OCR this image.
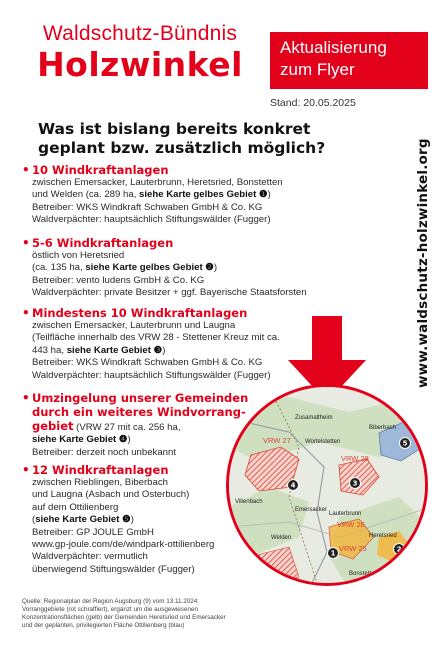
Waldschutz-Bündnis
Holzwinkel	Aktualisierung
zum Flyer
Stand: 20.05.2025
Was ist bislang bereits konkret
geplant bzw. zusätzlich möglich?	www.waldschutz-holzwinkel.org
• 10 Windkraftanlagen
zwischen Emersacker, Lauterbrunn, Heretsried, Bonstetten
und Welden (ca. 289 ha, siehe Karte gelbes Gebiet ❶)
Betreiber: WKS Windkraft Schwaben GmbH & Co. KG
Waldverpächter: hauptsächlich Stiftungswälder (Fugger)
• 5-6 Windkraftanlagen
östlich von Heretsried
(ca. 135 ha, siehe Karte gelbes Gebiet ❷)
Betreiber: vento ludens GmbH & Co. KG
Waldverpächter: private Besitzer + ggf. Bayerische Staatsforsten
• Mindestens 10 Windkraftanlagen
zwischen Emersacker, Lauterbrunn und Laugna
(Teilfläche innerhalb des VRW 28 - Stettener Kreuz mit ca.
443 ha, siehe Karte Gebiet ❸)
Betreiber: WKS Windkraft Schwaben GmbH & Co. KG
Waldverpächter: hauptsächlich Stiftungswälder (Fugger)
• Umzingelung unserer Gemeinden
durch ein weiteres Windvorrang-
gebiet (VRW 27 mit ca. 256 ha,
siehe Karte Gebiet ❹)
Betreiber: derzeit noch unbekannt
• 12 Windkraftanlagen
zwischen Rieblingen, Biberbach
und Laugna (Asbach und Osterbuch)
auf dem Ottilienberg
(siehe Karte Gebiet ❺)
Betreiber: GP JOULE GmbH
www.gp-joule.com/de/windpark-ottilienberg
Waldverpächter: vermutlich
überwiegend Stiftungswälder (Fugger)
Zusamaltheim
VRW 27 Wortelstetten
Biberbach
VRW 28
Villenbach
Emersacker
Lauterbrunn
VRW 26
Welden	Heretsried
VRW 25
Bonstetten
Adelsried
1	2
3
4
5
Quelle: Regionalplan der Region Augsburg (9) vom 13.11.2024:
Vorranggebiete (rot schraffiert), ergänzt um die ausgewiesenen
Konzentrationsflächen (gelb) der Gemeinden Heretsried und Emersacker
und der geplanten, privilegierten Fläche Ottilienberg (blau)
